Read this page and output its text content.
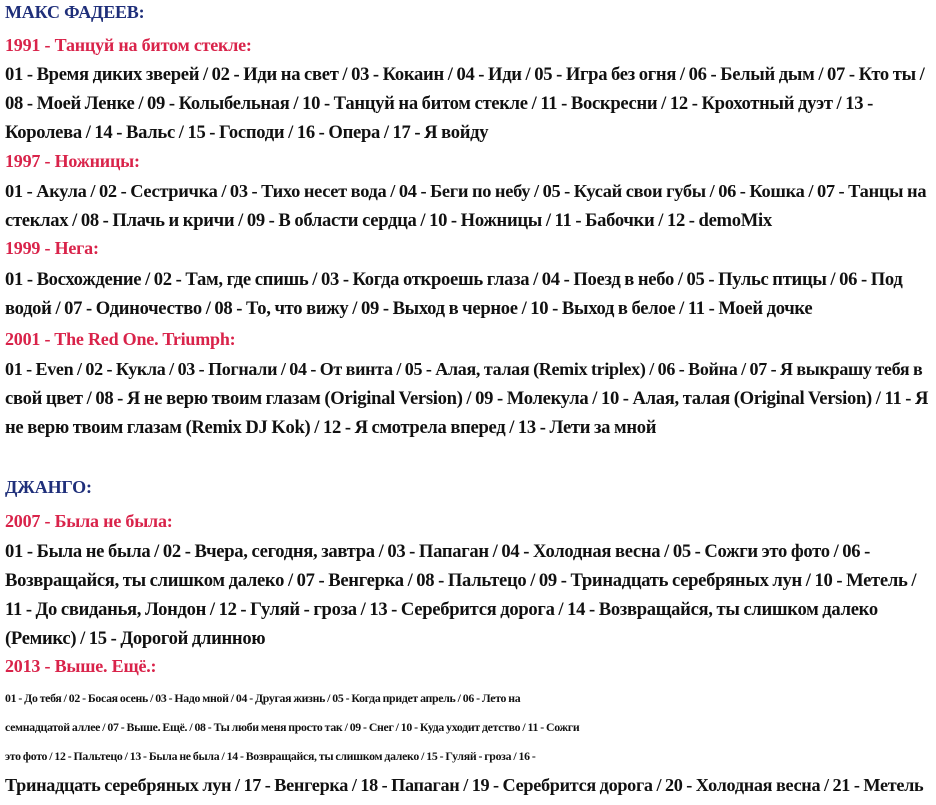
МАКС ФАДЕЕВ:
1991 - Танцуй на битом стекле:
01 - Время диких зверей / 02 - Иди на свет / 03 - Кокаин / 04 - Иди / 05 - Игра без огня / 06 - Белый дым / 07 - Кто ты /
08 - Моей Ленке / 09 - Колыбельная / 10 - Танцуй на битом стекле / 11 - Воскресни / 12 - Крохотный дуэт / 13 -
Королева / 14 - Вальс / 15 - Господи / 16 - Опера / 17 - Я войду
1997 - Ножницы:
01 - Акула / 02 - Сестричка / 03 - Тихо несет вода / 04 - Беги по небу / 05 - Кусай свои губы / 06 - Кошка / 07 - Танцы на
стеклах / 08 - Плачь и кричи / 09 - В области сердца / 10 - Ножницы / 11 - Бабочки / 12 - demoMix
1999 - Нега:
01 - Восхождение / 02 - Там, где спишь / 03 - Когда откроешь глаза / 04 - Поезд в небо / 05 - Пульс птицы / 06 - Под
водой / 07 - Одиночество / 08 - То, что вижу / 09 - Выход в черное / 10 - Выход в белое / 11 - Моей дочке
2001 - The Red One. Triumph:
01 - Even / 02 - Кукла / 03 - Погнали / 04 - От винта / 05 - Алая, талая (Remix triplex) / 06 - Война / 07 - Я выкрашу тебя в
свой цвет / 08 - Я не верю твоим глазам (Original Version) / 09 - Молекула / 10 - Алая, талая (Original Version) / 11 - Я
не верю твоим глазам (Remix DJ Kok) / 12 - Я смотрела вперед / 13 - Лети за мной
ДЖАНГО:
2007 - Была не была:
01 - Была не была / 02 - Вчера, сегодня, завтра / 03 - Папаган / 04 - Холодная весна / 05 - Сожги это фото / 06 -
Возвращайся, ты слишком далеко / 07 - Венгерка / 08 - Пальтецо / 09 - Тринадцать серебряных лун / 10 - Метель /
11 - До свиданья, Лондон / 12 - Гуляй - гроза / 13 - Серебрится дорога / 14 - Возвращайся, ты слишком далеко
(Ремикс) / 15 - Дорогой длинною
2013 - Выше. Ещё.:
01 - До тебя / 02 - Босая осень / 03 - Надо мной / 04 - Другая жизнь / 05 - Когда придет апрель / 06 - Лето на
семнадцатой аллее / 07 - Выше. Ещё. / 08 - Ты люби меня просто так / 09 - Снег / 10 - Куда уходит детство / 11 - Сожги
это фото / 12 - Пальтецо / 13 - Была не была / 14 - Возвращайся, ты слишком далеко / 15 - Гуляй - гроза / 16 -
Тринадцать серебряных лун / 17 - Венгерка / 18 - Папаган / 19 - Серебрится дорога / 20 - Холодная весна / 21 - Метель
